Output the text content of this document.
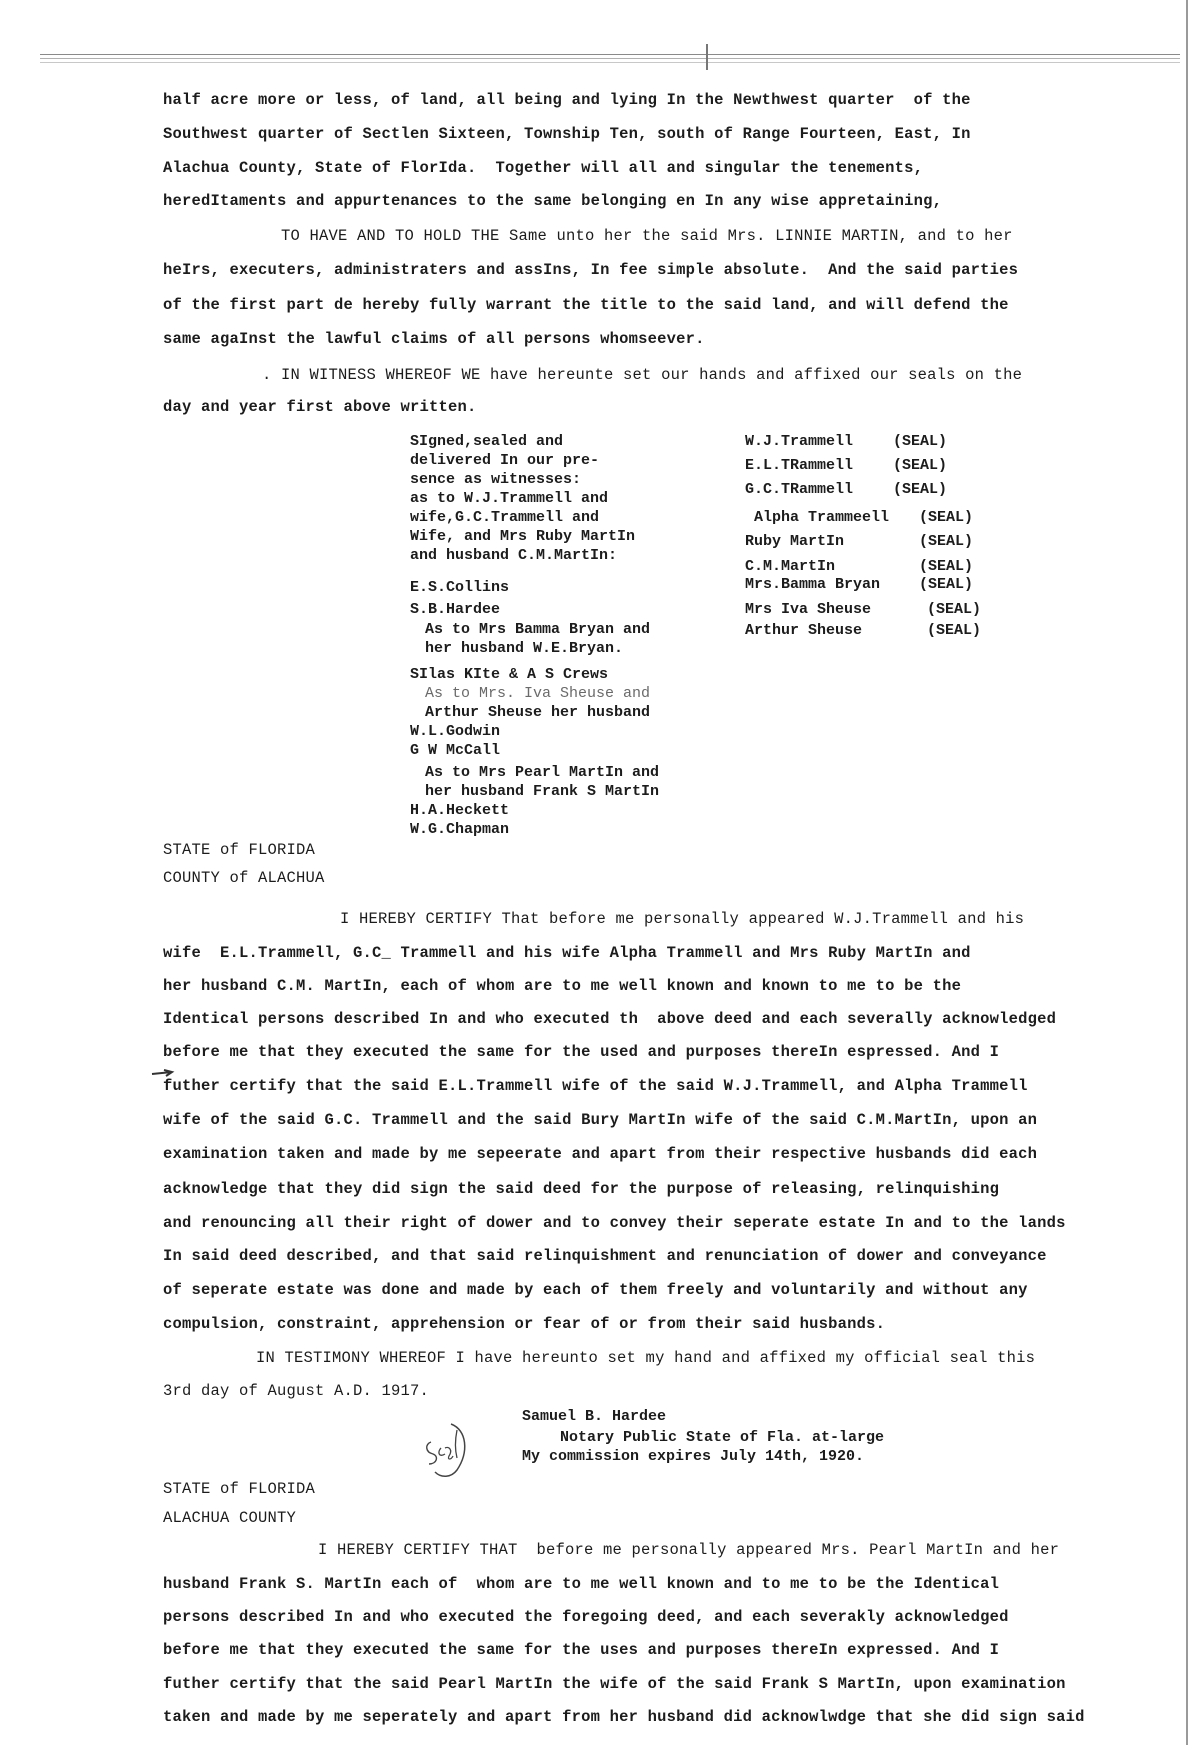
half acre more or less, of land, all being and lying In the Newthwest quarter  of the
Southwest quarter of Sectlen Sixteen, Township Ten, south of Range Fourteen, East, In
Alachua County, State of FlorIda.  Together will all and singular the tenements,
heredItaments and appurtenances to the same belonging en In any wise appretaining,
TO HAVE AND TO HOLD THE Same unto her the said Mrs. LINNIE MARTIN, and to her
heIrs, executers, administraters and assIns, In fee simple absolute.  And the said parties
of the first part de hereby fully warrant the title to the said land, and will defend the
same agaInst the lawful claims of all persons whomseever.
. IN WITNESS WHEREOF WE have hereunte set our hands and affixed our seals on the
day and year first above written.
SIgned,sealed and
delivered In our pre-
sence as witnesses:
as to W.J.Trammell and
wife,G.C.Trammell and
Wife, and Mrs Ruby MartIn
and husband C.M.MartIn:
E.S.Collins
S.B.Hardee
As to Mrs Bamma Bryan and
her husband W.E.Bryan.
SIlas KIte & A S Crews
As to Mrs. Iva Sheuse and
Arthur Sheuse her husband
W.L.Godwin
G W McCall
As to Mrs Pearl MartIn and
her husband Frank S MartIn
H.A.Heckett
W.G.Chapman
W.J.Trammell	(SEAL)
E.L.TRammell	(SEAL)
G.C.TRammell	(SEAL)
Alpha Trammeell (SEAL)
Ruby MartIn	(SEAL)
C.M.MartIn	(SEAL)
Mrs.Bamma Bryan	(SEAL)
Mrs Iva Sheuse	(SEAL)
Arthur Sheuse	(SEAL)
STATE of FLORIDA
COUNTY of ALACHUA
I HEREBY CERTIFY That before me personally appeared W.J.Trammell and his
wife  E.L.Trammell, G.C_ Trammell and his wife Alpha Trammell and Mrs Ruby MartIn and
her husband C.M. MartIn, each of whom are to me well known and known to me to be the
Identical persons described In and who executed th  above deed and each severally acknowledged
before me that they executed the same for the used and purposes thereIn espressed. And I
futher certify that the said E.L.Trammell wife of the said W.J.Trammell, and Alpha Trammell
wife of the said G.C. Trammell and the said Bury MartIn wife of the said C.M.MartIn, upon an
examination taken and made by me sepeerate and apart from their respective husbands did each
acknowledge that they did sign the said deed for the purpose of releasing, relinquishing
and renouncing all their right of dower and to convey their seperate estate In and to the lands
In said deed described, and that said relinquishment and renunciation of dower and conveyance
of seperate estate was done and made by each of them freely and voluntarily and without any
compulsion, constraint, apprehension or fear of or from their said husbands.
IN TESTIMONY WHEREOF I have hereunto set my hand and affixed my official seal this
3rd day of August A.D. 1917.
Samuel B. Hardee
Notary Public State of Fla. at-large
My commission expires July 14th, 1920.
STATE of FLORIDA
ALACHUA COUNTY
I HEREBY CERTIFY THAT  before me personally appeared Mrs. Pearl MartIn and her
husband Frank S. MartIn each of  whom are to me well known and to me to be the Identical
persons described In and who executed the foregoing deed, and each severakly acknowledged
before me that they executed the same for the uses and purposes thereIn expressed. And I
futher certify that the said Pearl MartIn the wife of the said Frank S MartIn, upon examination
taken and made by me seperately and apart from her husband did acknowlwdge that she did sign said
